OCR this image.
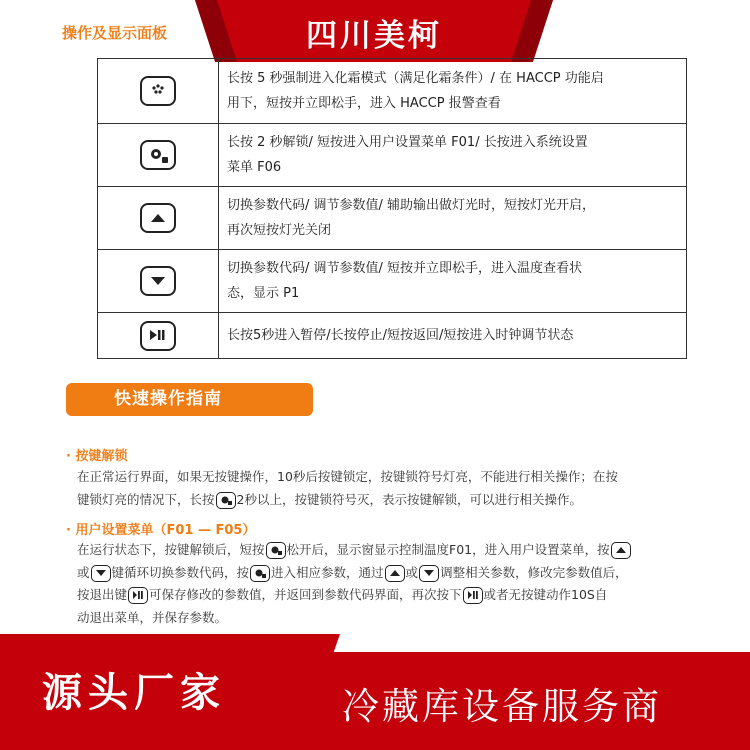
操作及显示面板	四川美柯

长按 5 秒强制进入化霜模式（满足化霜条件）/ 在 HACCP 功能启
用下，短按并立即松手，进入 HACCP 报警查看

长按 2 秒解锁/ 短按进入用户设置菜单 F01/ 长按进入系统设置
菜单 F06

切换参数代码/ 调节参数值/ 辅助输出做灯光时，短按灯光开启，
再次短按灯光关闭

切换参数代码/ 调节参数值/ 短按并立即松手，进入温度查看状
态，显示 P1

长按5秒进入暂停/长按停止/短按返回/短按进入时钟调节状态
快速操作指南
· 按键解锁
在正常运行界面，如果无按键操作，10秒后按键锁定，按键锁符号灯亮，不能进行相关操作；在按
键锁灯亮的情况下，长按 2秒以上，按键锁符号灭，表示按键解锁，可以进行相关操作。
· 用户设置菜单（F01 — F05）
在运行状态下，按键解锁后，短按 松开后，显示窗显示控制温度F01，进入用户设置菜单，按
或 键循环切换参数代码，按 进入相应参数，通过 或 调整相关参数，修改完参数值后，
按退出键 可保存修改的参数值，并返回到参数代码界面，再次按下 或者无按键动作10S自
动退出菜单，并保存参数。
源头厂家	冷藏库设备服务商
